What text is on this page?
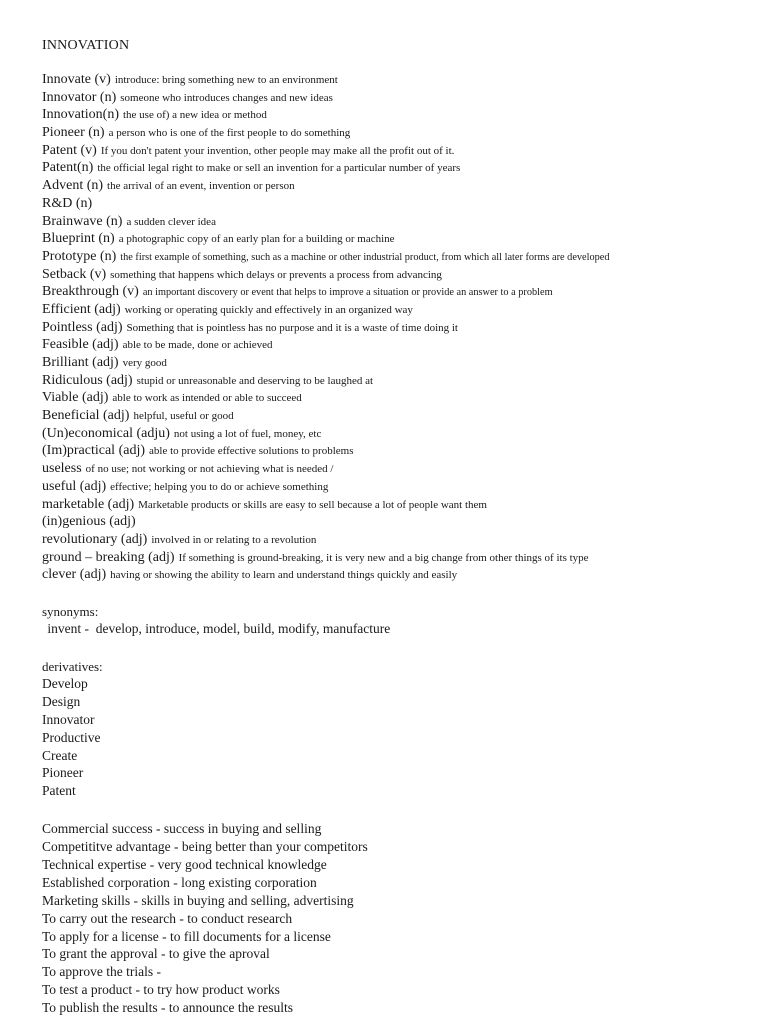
INNOVATION
Innovate (v) introduce: bring something new to an environment
Innovator (n) someone who introduces changes and new ideas
Innovation(n) the use of) a new idea or method
Pioneer (n) a person who is one of the first people to do something
Patent (v) If you don't patent your invention, other people may make all the profit out of it.
Patent(n) the official legal right to make or sell an invention for a particular number of years
Advent (n) the arrival of an event, invention or person
R&D (n)
Brainwave (n) a sudden clever idea
Blueprint (n) a photographic copy of an early plan for a building or machine
Prototype (n) the first example of something, such as a machine or other industrial product, from which all later forms are developed
Setback (v) something that happens which delays or prevents a process from advancing
Breakthrough (v) an important discovery or event that helps to improve a situation or provide an answer to a problem
Efficient (adj) working or operating quickly and effectively in an organized way
Pointless (adj) Something that is pointless has no purpose and it is a waste of time doing it
Feasible (adj) able to be made, done or achieved
Brilliant (adj) very good
Ridiculous (adj) stupid or unreasonable and deserving to be laughed at
Viable (adj) able to work as intended or able to succeed
Beneficial (adj) helpful, useful or good
(Un)economical (adju) not using a lot of fuel, money, etc
(Im)practical (adj) able to provide effective solutions to problems
useless of no use; not working or not achieving what is needed /
useful (adj) effective; helping you to do or achieve something
marketable (adj) Marketable products or skills are easy to sell because a lot of people want them
(in)genious (adj)
revolutionary (adj) involved in or relating to a revolution
ground – breaking (adj) If something is ground-breaking, it is very new and a big change from other things of its type
clever (adj) having or showing the ability to learn and understand things quickly and easily
synonyms:
invent -  develop, introduce, model, build, modify, manufacture
derivatives:
Develop
Design
Innovator
Productive
Create
Pioneer
Patent
Commercial success - success in buying and selling
Competititve advantage - being better than your competitors
Technical expertise - very good technical knowledge
Established corporation - long existing corporation
Marketing skills - skills in buying and selling, advertising
To carry out the research - to conduct research
To apply for a license - to fill documents for a license
To grant the approval - to give the aproval
To approve the trials -
To test a product - to try how product works
To publish the results - to announce the results
